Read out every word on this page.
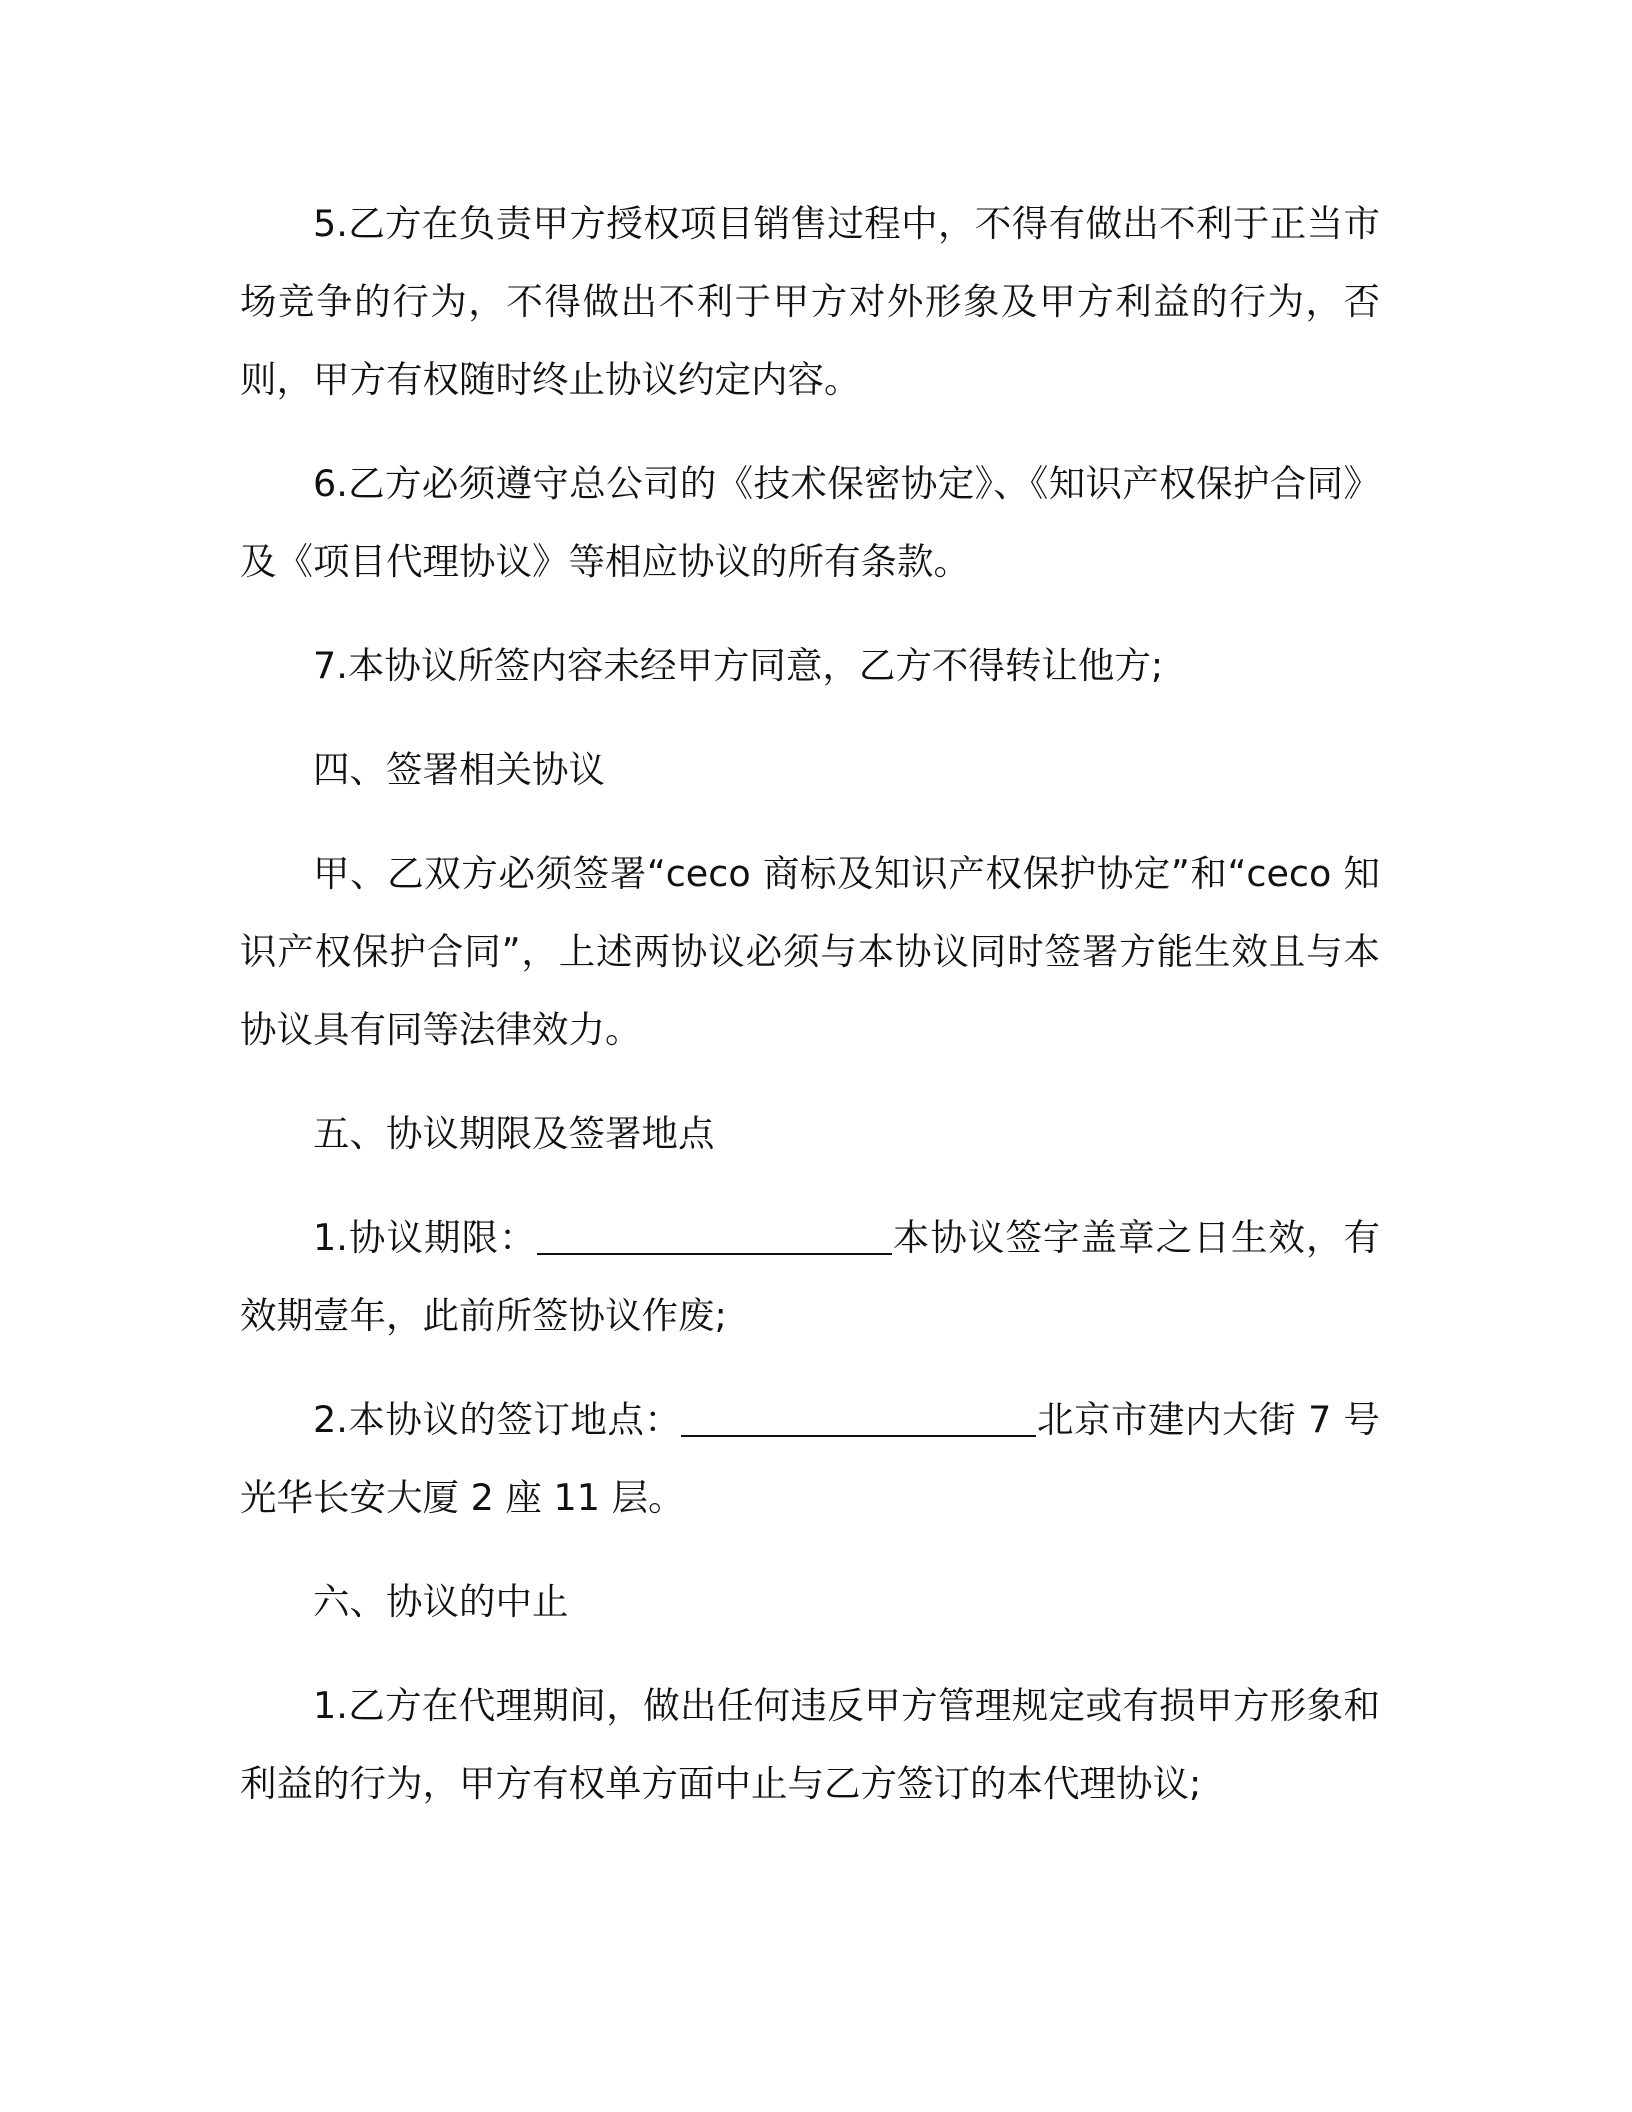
5.乙方在负责甲方授权项目销售过程中，不得有做出不利于正当市场竞争的行为，不得做出不利于甲方对外形象及甲方利益的行为，否则，甲方有权随时终止协议约定内容。

6.乙方必须遵守总公司的《技术保密协定》、《知识产权保护合同》及《项目代理协议》等相应协议的所有条款。

7.本协议所签内容未经甲方同意，乙方不得转让他方;

四、签署相关协议

甲、乙双方必须签署“ceco 商标及知识产权保护协定”和“ceco 知识产权保护合同”，上述两协议必须与本协议同时签署方能生效且与本协议具有同等法律效力。

五、协议期限及签署地点

1.协议期限：	本协议签字盖章之日生效，有效期壹年，此前所签协议作废;

2.本协议的签订地点：	北京市建内大街 7 号光华长安大厦 2 座 11 层。

六、协议的中止

1.乙方在代理期间，做出任何违反甲方管理规定或有损甲方形象和利益的行为，甲方有权单方面中止与乙方签订的本代理协议;
